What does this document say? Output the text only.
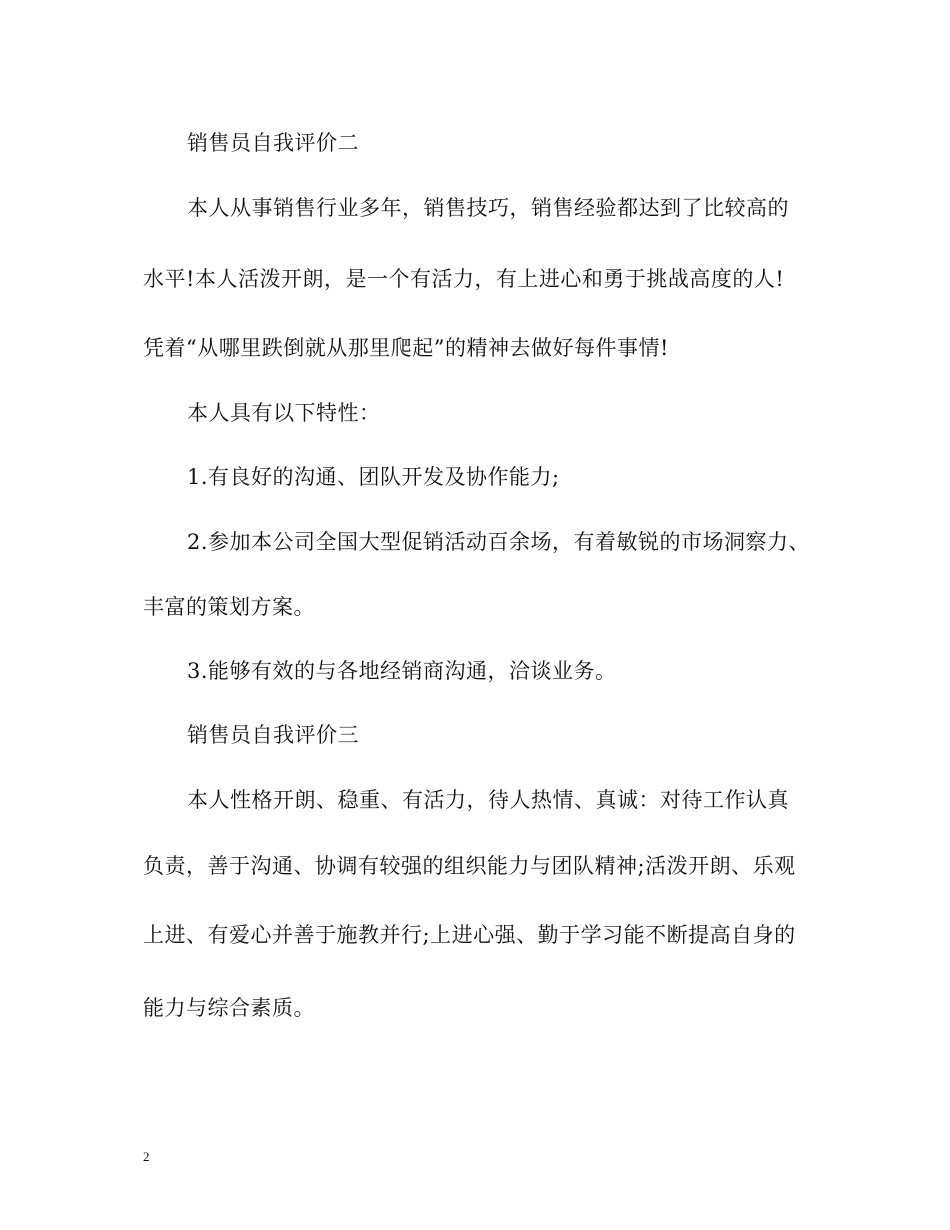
销售员自我评价二
本人从事销售行业多年，销售技巧，销售经验都达到了比较高的
水平!本人活泼开朗，是一个有活力，有上进心和勇于挑战高度的人!
凭着“从哪里跌倒就从那里爬起”的精神去做好每件事情!
本人具有以下特性：
1.有良好的沟通、团队开发及协作能力;
2.参加本公司全国大型促销活动百余场，有着敏锐的市场洞察力、
丰富的策划方案。
3.能够有效的与各地经销商沟通，洽谈业务。
销售员自我评价三
本人性格开朗、稳重、有活力，待人热情、真诚：对待工作认真
负责，善于沟通、协调有较强的组织能力与团队精神;活泼开朗、乐观
上进、有爱心并善于施教并行;上进心强、勤于学习能不断提高自身的
能力与综合素质。
2
